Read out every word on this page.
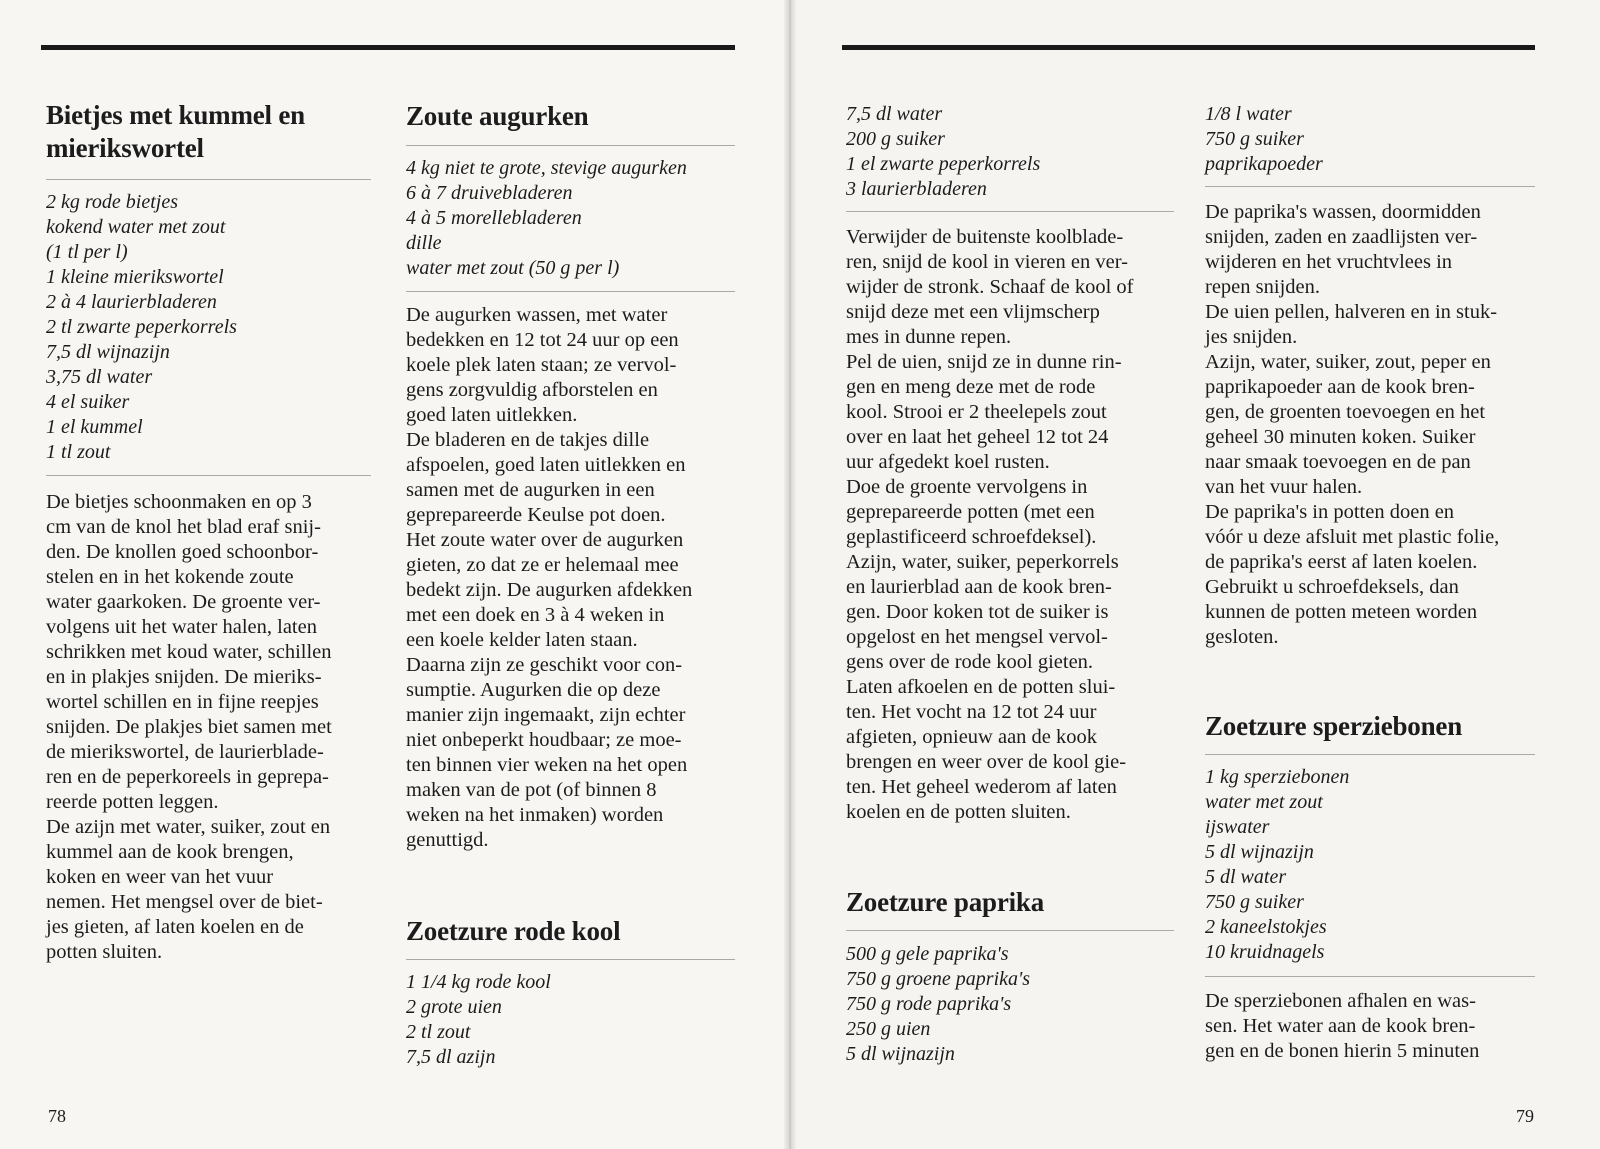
Bietjes met kummel en
mierikswortel
2 kg rode bietjes
kokend water met zout
(1 tl per l)
1 kleine mierikswortel
2 à 4 laurierbladeren
2 tl zwarte peperkorrels
7,5 dl wijnazijn
3,75 dl water
4 el suiker
1 el kummel
1 tl zout
De bietjes schoonmaken en op 3
cm van de knol het blad eraf snij-
den. De knollen goed schoonbor-
stelen en in het kokende zoute
water gaarkoken. De groente ver-
volgens uit het water halen, laten
schrikken met koud water, schillen
en in plakjes snijden. De mieriks-
wortel schillen en in fijne reepjes
snijden. De plakjes biet samen met
de mierikswortel, de laurierblade-
ren en de peperkoreels in geprepa-
reerde potten leggen.
De azijn met water, suiker, zout en
kummel aan de kook brengen,
koken en weer van het vuur
nemen. Het mengsel over de biet-
jes gieten, af laten koelen en de
potten sluiten.
Zoute augurken
4 kg niet te grote, stevige augurken
6 à 7 druivebladeren
4 à 5 morellebladeren
dille
water met zout (50 g per l)
De augurken wassen, met water
bedekken en 12 tot 24 uur op een
koele plek laten staan; ze vervol-
gens zorgvuldig afborstelen en
goed laten uitlekken.
De bladeren en de takjes dille
afspoelen, goed laten uitlekken en
samen met de augurken in een
geprepareerde Keulse pot doen.
Het zoute water over de augurken
gieten, zo dat ze er helemaal mee
bedekt zijn. De augurken afdekken
met een doek en 3 à 4 weken in
een koele kelder laten staan.
Daarna zijn ze geschikt voor con-
sumptie. Augurken die op deze
manier zijn ingemaakt, zijn echter
niet onbeperkt houdbaar; ze moe-
ten binnen vier weken na het open
maken van de pot (of binnen 8
weken na het inmaken) worden
genuttigd.
Zoetzure rode kool
1 1/4 kg rode kool
2 grote uien
2 tl zout
7,5 dl azijn
78
7,5 dl water
200 g suiker
1 el zwarte peperkorrels
3 laurierbladeren
Verwijder de buitenste koolblade-
ren, snijd de kool in vieren en ver-
wijder de stronk. Schaaf de kool of
snijd deze met een vlijmscherp
mes in dunne repen.
Pel de uien, snijd ze in dunne rin-
gen en meng deze met de rode
kool. Strooi er 2 theelepels zout
over en laat het geheel 12 tot 24
uur afgedekt koel rusten.
Doe de groente vervolgens in
geprepareerde potten (met een
geplastificeerd schroefdeksel).
Azijn, water, suiker, peperkorrels
en laurierblad aan de kook bren-
gen. Door koken tot de suiker is
opgelost en het mengsel vervol-
gens over de rode kool gieten.
Laten afkoelen en de potten slui-
ten. Het vocht na 12 tot 24 uur
afgieten, opnieuw aan de kook
brengen en weer over de kool gie-
ten. Het geheel wederom af laten
koelen en de potten sluiten.
Zoetzure paprika
500 g gele paprika's
750 g groene paprika's
750 g rode paprika's
250 g uien
5 dl wijnazijn
1/8 l water
750 g suiker
paprikapoeder
De paprika's wassen, doormidden
snijden, zaden en zaadlijsten ver-
wijderen en het vruchtvlees in
repen snijden.
De uien pellen, halveren en in stuk-
jes snijden.
Azijn, water, suiker, zout, peper en
paprikapoeder aan de kook bren-
gen, de groenten toevoegen en het
geheel 30 minuten koken. Suiker
naar smaak toevoegen en de pan
van het vuur halen.
De paprika's in potten doen en
vóór u deze afsluit met plastic folie,
de paprika's eerst af laten koelen.
Gebruikt u schroefdeksels, dan
kunnen de potten meteen worden
gesloten.
Zoetzure sperziebonen
1 kg sperziebonen
water met zout
ijswater
5 dl wijnazijn
5 dl water
750 g suiker
2 kaneelstokjes
10 kruidnagels
De sperziebonen afhalen en was-
sen. Het water aan de kook bren-
gen en de bonen hierin 5 minuten
79
